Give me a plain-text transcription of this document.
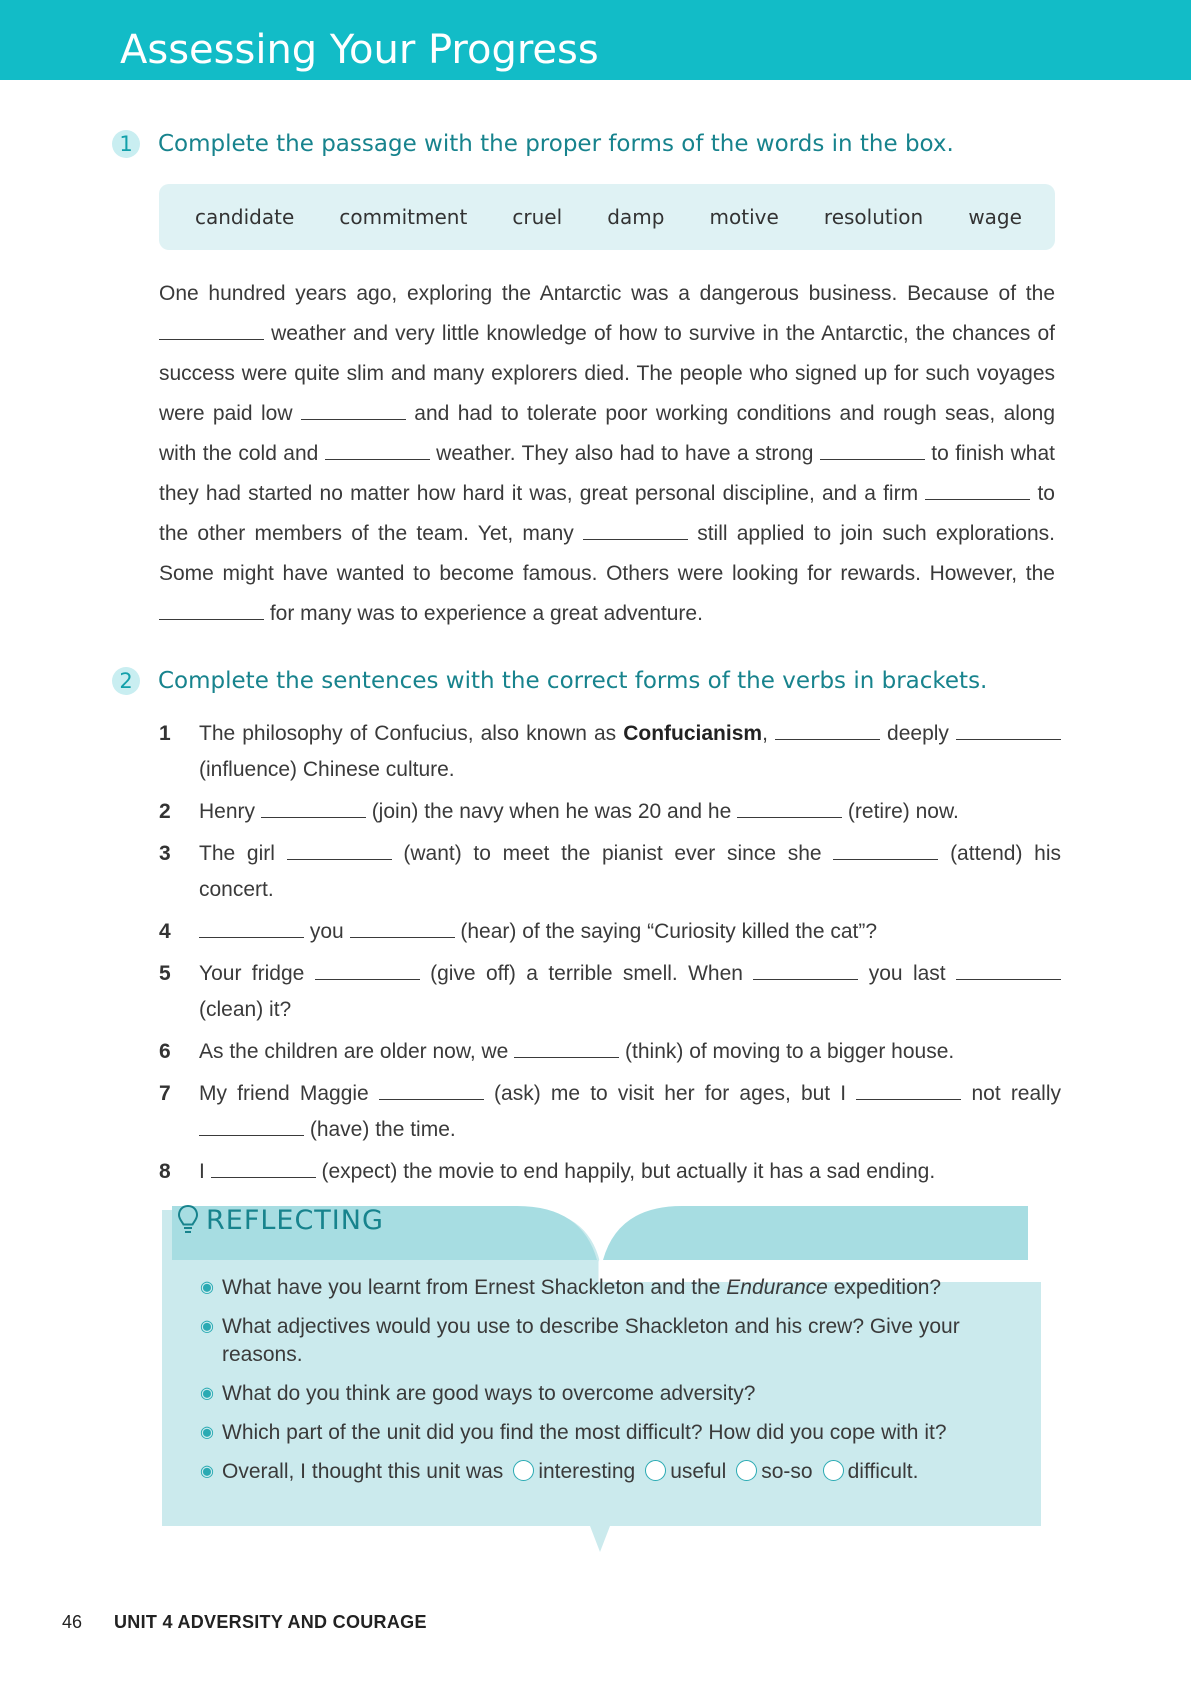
Assessing Your Progress
1	Complete the passage with the proper forms of the words in the box.
candidate commitment cruel damp motive resolution wage
One hundred years ago, exploring the Antarctic was a dangerous business. Because of the  weather and very little knowledge of how to survive in the Antarctic, the chances of success were quite slim and many explorers died. The people who signed up for such voyages were paid low	and had to tolerate poor working conditions and rough seas, along with the cold and	weather. They also had to have a strong	to finish what they had started no matter how hard it was, great personal discipline, and a firm	to the other members of the team. Yet, many	still applied to join such explorations. Some might have wanted to become famous. Others were looking for rewards. However, the  for many was to experience a great adventure.
2	Complete the sentences with the correct forms of the verbs in brackets.
1	The philosophy of Confucius, also known as Confucianism,	deeply  (influence) Chinese culture.
2	Henry	(join) the navy when he was 20 and he	(retire) now.
3	The girl	(want) to meet the pianist ever since she	(attend) his concert.
4	you	(hear) of the saying “Curiosity killed the cat”?
5	Your fridge	(give off) a terrible smell. When	you last  (clean) it?
6	As the children are older now, we	(think) of moving to a bigger house.
7	My friend Maggie	(ask) me to visit her for ages, but I	not really  (have) the time.
8	I	(expect) the movie to end happily, but actually it has a sad ending.
REFLECTING
◉ What have you learnt from Ernest Shackleton and the Endurance expedition?
◉ What adjectives would you use to describe Shackleton and his crew? Give your reasons.
◉ What do you think are good ways to overcome adversity?
◉ Which part of the unit did you find the most difficult? How did you cope with it?
◉ Overall, I thought this unit was interesting useful so-so difficult.
46	UNIT 4 ADVERSITY AND COURAGE
